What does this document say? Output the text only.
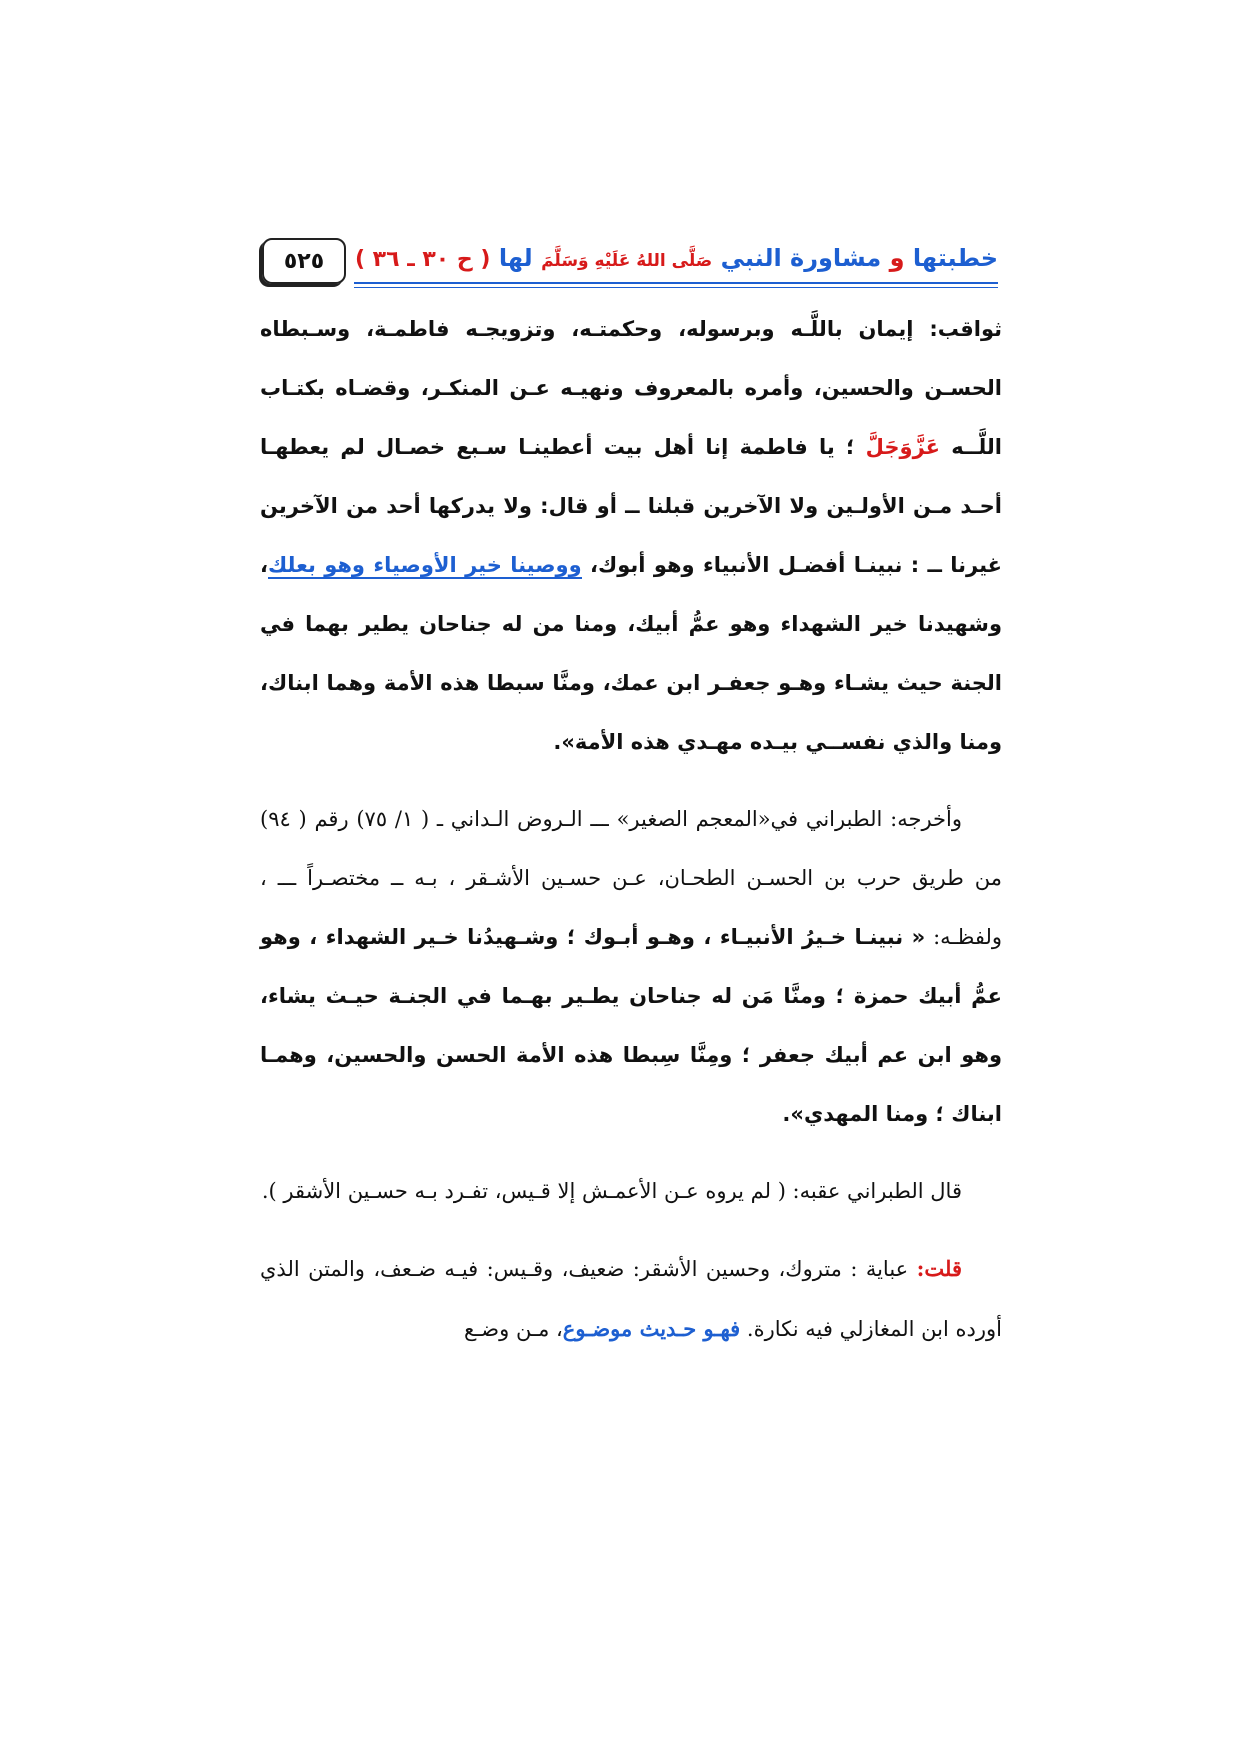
٥٢٥	خطبتها و مشاورة النبي صَلَّى اللهُ عَلَيْهِ وَسَلَّمَ لها ( ح ٣٠ ـ ٣٦ )

ثواقب: إيمان باللَّـه وبرسوله، وحكمتـه، وتزويجـه فاطمـة، وسـبطاه الحسـن والحسين، وأمره بالمعروف ونهيـه عـن المنكـر، وقضـاه بكتـاب اللَّــه عَزَّوَجَلَّ ؛ يا فاطمة إنا أهل بيت أعطينـا سـبع خصـال لم يعطهـا أحـد مـن الأولـين ولا الآخرين قبلنا ــ أو قال: ولا يدركها أحد من الآخرين غيرنا ــ : نبينـا أفضـل الأنبياء وهو أبوك، ووصينا خير الأوصياء وهو بعلك، وشهيدنا خير الشهداء وهو عمُّ أبيك، ومنا من له جناحان يطير بهما في الجنة حيث يشـاء وهـو جعفـر ابن عمك، ومنَّا سبطا هذه الأمة وهما ابناك، ومنا والذي نفســي بيـده مهـدي هذه الأمة».

وأخرجه: الطبراني في«المعجم الصغير» ـــ الـروض الـداني ـ ( ١/ ٧٥) رقم ( ٩٤) من طريق حرب بن الحسـن الطحـان، عـن حسـين الأشـقر ، بـه ــ مختصـراً ـــ ، ولفظـه: « نبينـا خـيرُ الأنبيـاء ، وهـو أبـوك ؛ وشـهيدُنا خـير الشهداء ، وهو عمُّ أبيك حمزة ؛ ومنَّا مَن له جناحان يطـير بهـما في الجنـة حيـث يشاء، وهو ابن عم أبيك جعفر ؛ ومِنَّا سِبطا هذه الأمة الحسن والحسين، وهمـا ابناك ؛ ومنا المهدي».

قال الطبراني عقبه: ( لم يروه عـن الأعمـش إلا قـيس، تفـرد بـه حسـين الأشقر ).

قلت: عباية : متروك، وحسين الأشقر: ضعيف، وقـيس: فيـه ضـعف، والمتن الذي أورده ابن المغازلي فيه نكارة. فهـو حـديث موضـوع، مـن وضـع
